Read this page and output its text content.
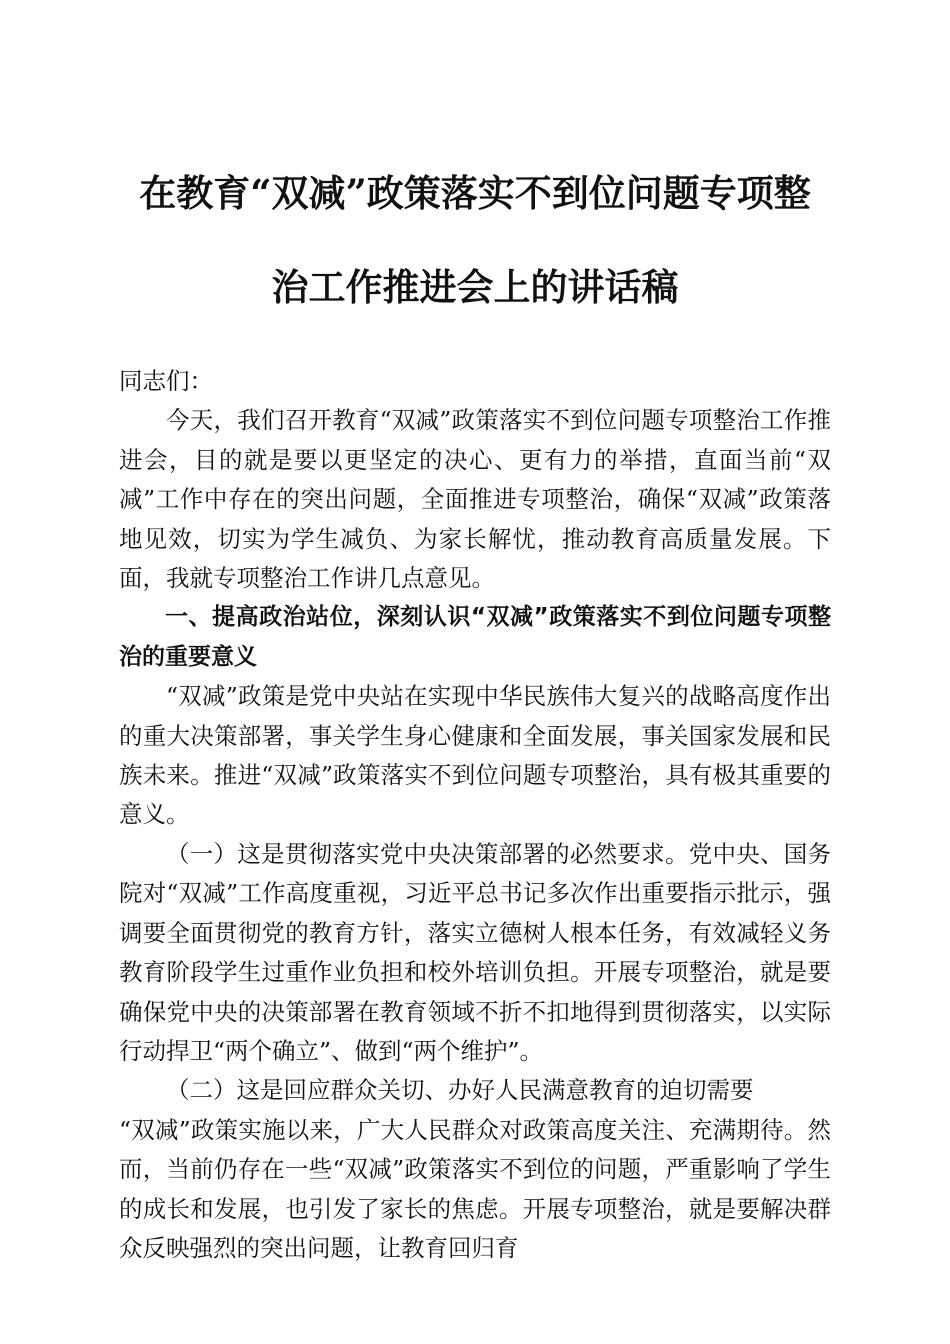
在教育“双减”政策落实不到位问题专项整
治工作推进会上的讲话稿

同志们：

今天，我们召开教育“双减”政策落实不到位问题专项整治工作推进会，目的就是要以更坚定的决心、更有力的举措，直面当前“双减”工作中存在的突出问题，全面推进专项整治，确保“双减”政策落地见效，切实为学生减负、为家长解忧，推动教育高质量发展。下面，我就专项整治工作讲几点意见。

一、提高政治站位，深刻认识“双减”政策落实不到位问题专项整治的重要意义

“双减”政策是党中央站在实现中华民族伟大复兴的战略高度作出的重大决策部署，事关学生身心健康和全面发展，事关国家发展和民族未来。推进“双减”政策落实不到位问题专项整治，具有极其重要的意义。

（一）这是贯彻落实党中央决策部署的必然要求。党中央、国务院对“双减”工作高度重视，习近平总书记多次作出重要指示批示，强调要全面贯彻党的教育方针，落实立德树人根本任务，有效减轻义务教育阶段学生过重作业负担和校外培训负担。开展专项整治，就是要确保党中央的决策部署在教育领域不折不扣地得到贯彻落实，以实际行动捍卫“两个确立”、做到“两个维护”。

（二）这是回应群众关切、办好人民满意教育的迫切需要

“双减”政策实施以来，广大人民群众对政策高度关注、充满期待。然而，当前仍存在一些“双减”政策落实不到位的问题，严重影响了学生的成长和发展，也引发了家长的焦虑。开展专项整治，就是要解决群众反映强烈的突出问题，让教育回归育
